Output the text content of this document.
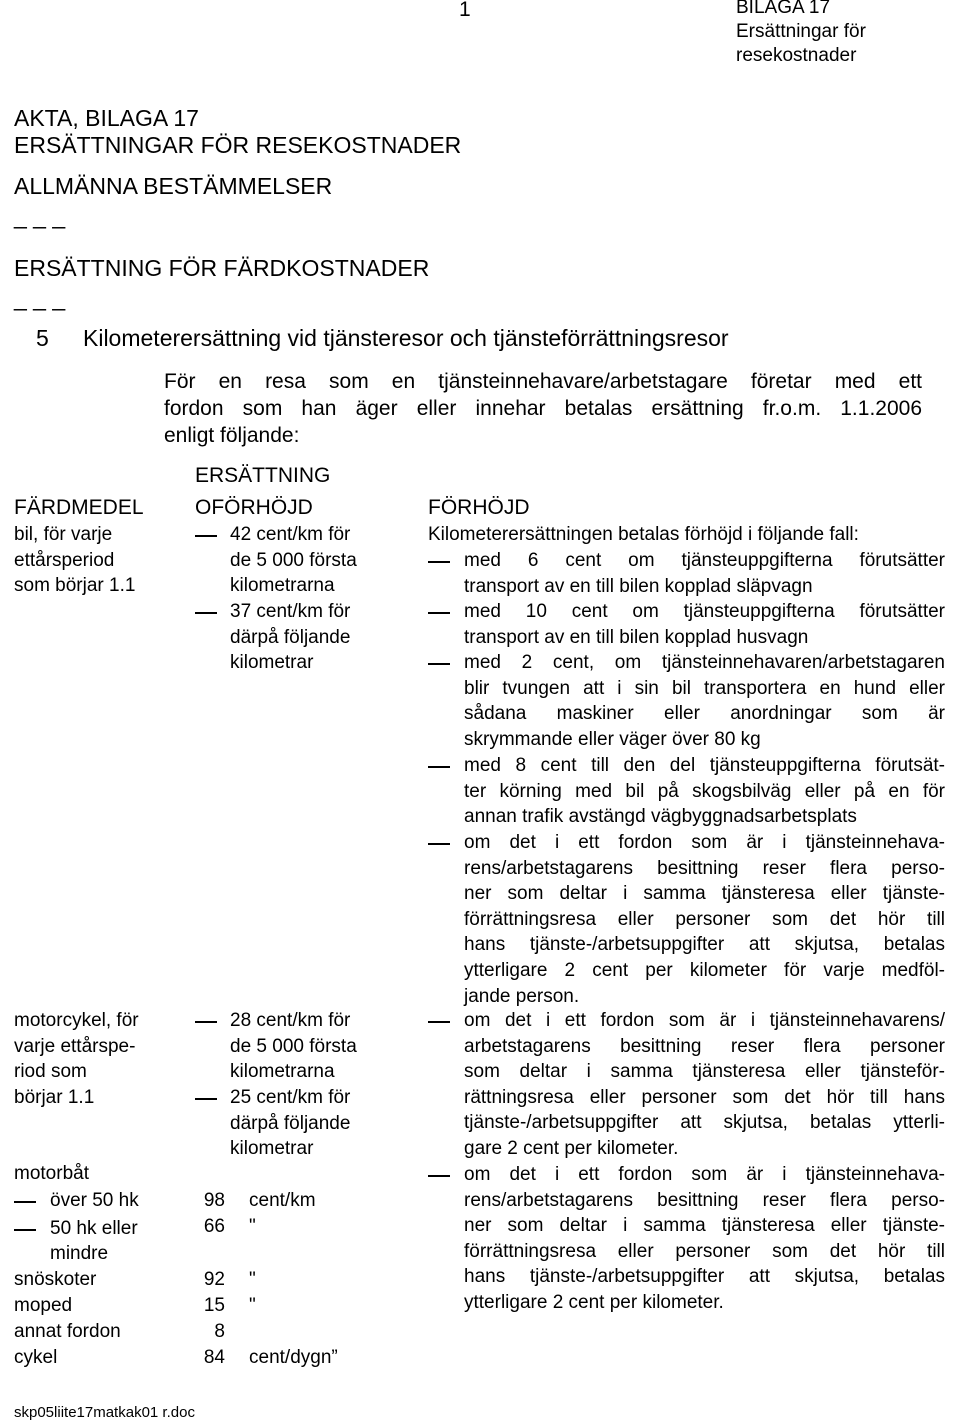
1	BILAGA 17
Ersättningar för
resekostnader
AKTA, BILAGA 17
ERSÄTTNINGAR FÖR RESEKOSTNADER
ALLMÄNNA BESTÄMMELSER
_ _ _
ERSÄTTNING FÖR FÄRDKOSTNADER
_ _ _
5 Kilometerersättning vid tjänsteresor och tjänsteförrättningsresor
För en resa som en tjänsteinnehavare/arbetstagare företar med ett
fordon som han äger eller innehar betalas ersättning fr.o.m. 1.1.2006
enligt följande:
ERSÄTTNING
FÄRDMEDEL OFÖRHÖJD	FÖRHÖJD
bil, för varje
ettårsperiod
som börjar 1.1
42 cent/km för
de 5 000 första
kilometrarna
37 cent/km för
därpå följande
kilometrar
Kilometerersättningen betalas förhöjd i följande fall:
med 6 cent om tjänsteuppgifterna förutsätter
transport av en till bilen kopplad släpvagn
med 10 cent om tjänsteuppgifterna förutsätter
transport av en till bilen kopplad husvagn
med 2 cent, om tjänsteinnehavaren/arbetstagaren
blir tvungen att i sin bil transportera en hund eller
sådana maskiner eller anordningar som är
skrymmande eller väger över 80 kg
med 8 cent till den del tjänsteuppgifterna förutsät-
ter körning med bil på skogsbilväg eller på en för
annan trafik avstängd vägbyggnadsarbetsplats
om det i ett fordon som är i tjänsteinnehava-
rens/arbetstagarens besittning reser flera perso-
ner som deltar i samma tjänsteresa eller tjänste-
förrättningsresa eller personer som det hör till
hans tjänste-/arbetsuppgifter att skjutsa, betalas
ytterligare 2 cent per kilometer för varje medföl-
jande person.
motorcykel, för
varje ettårspe-
riod som
börjar 1.1
28 cent/km för
de 5 000 första
kilometrarna
25 cent/km för
därpå följande
kilometrar
om det i ett fordon som är i tjänsteinnehavarens/
arbetstagarens besittning reser flera personer
som deltar i samma tjänsteresa eller tjänsteför-
rättningsresa eller personer som det hör till hans
tjänste-/arbetsuppgifter att skjutsa, betalas ytterli-
gare 2 cent per kilometer.
motorbåt
över 50 hk
50 hk eller
mindre
snöskoter
moped
annat fordon
cykel
98 cent/km
66 "
92 "
15 "
8
84 cent/dygn”
om det i ett fordon som är i tjänsteinnehava-
rens/arbetstagarens besittning reser flera perso-
ner som deltar i samma tjänsteresa eller tjänste-
förrättningsresa eller personer som det hör till
hans tjänste-/arbetsuppgifter att skjutsa, betalas
ytterligare 2 cent per kilometer.
skp05liite17matkak01 r.doc
